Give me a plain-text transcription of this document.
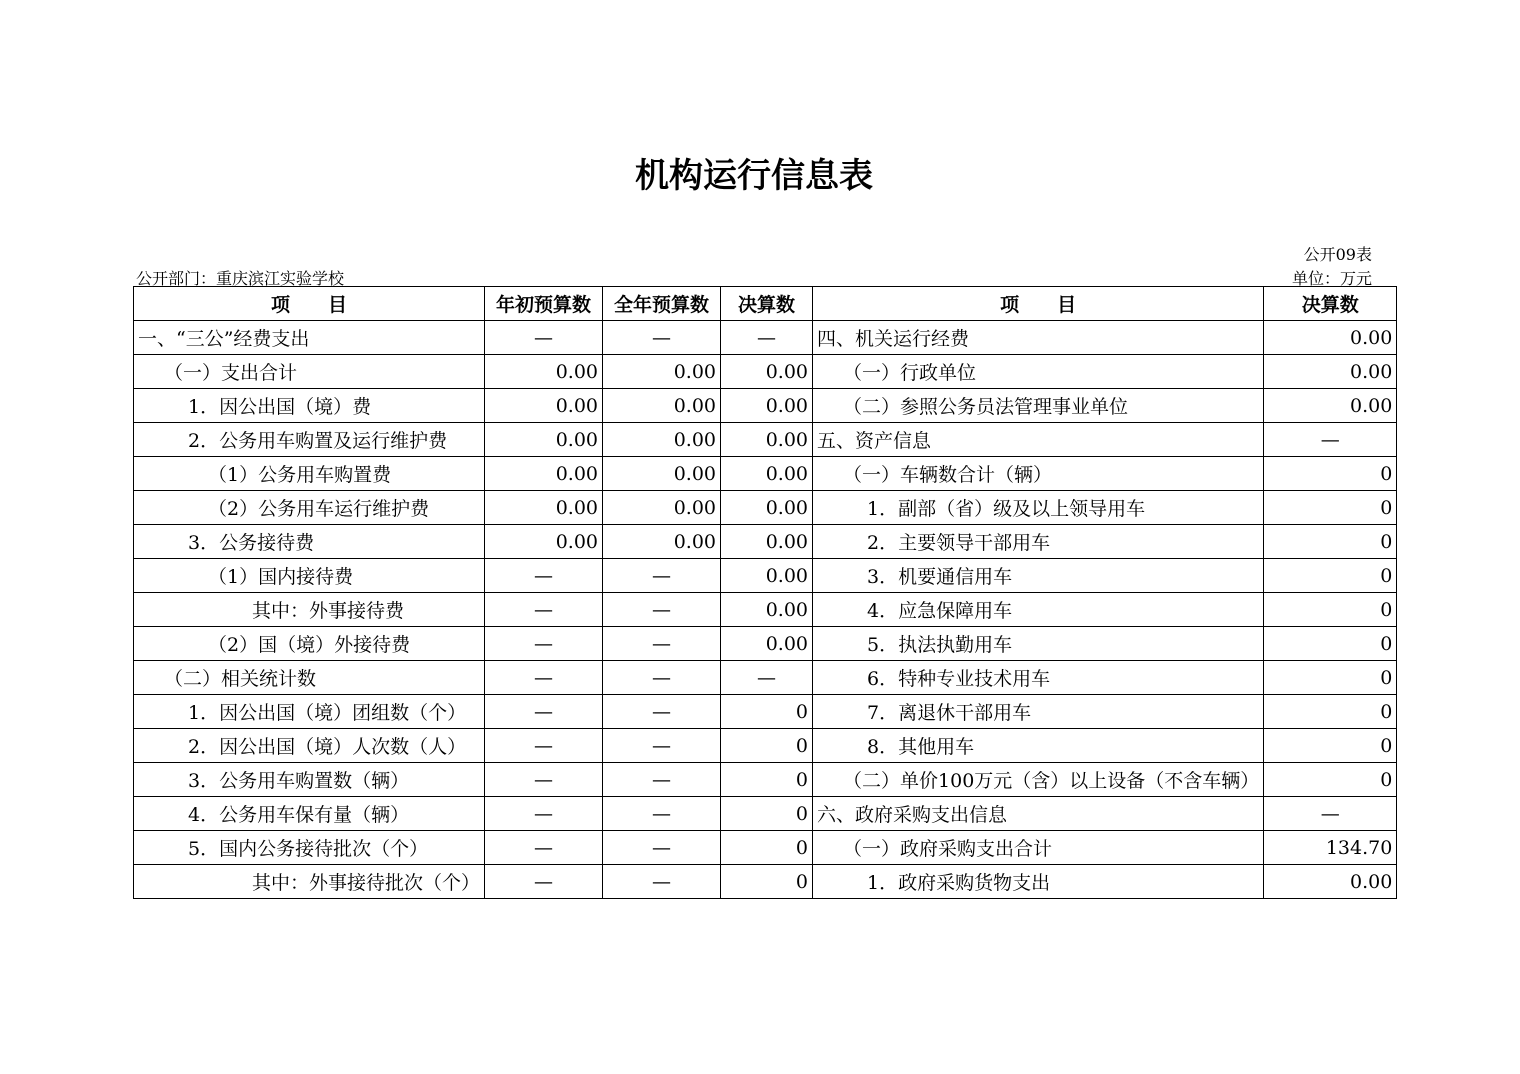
机构运行信息表
公开09表
公开部门：重庆滨江实验学校	单位：万元
项　　目	年初预算数	全年预算数	决算数	项　　目	决算数
一、“三公”经费支出	—	—	—	四、机关运行经费	0.00
（一）支出合计	0.00	0.00	0.00	（一）行政单位	0.00
1．因公出国（境）费	0.00	0.00	0.00	（二）参照公务员法管理事业单位	0.00
2．公务用车购置及运行维护费	0.00	0.00	0.00	五、资产信息	—
（1）公务用车购置费	0.00	0.00	0.00	（一）车辆数合计（辆）	0
（2）公务用车运行维护费	0.00	0.00	0.00	1．副部（省）级及以上领导用车	0
3．公务接待费	0.00	0.00	0.00	2．主要领导干部用车	0
（1）国内接待费	—	—	0.00	3．机要通信用车	0
其中：外事接待费	—	—	0.00	4．应急保障用车	0
（2）国（境）外接待费	—	—	0.00	5．执法执勤用车	0
（二）相关统计数	—	—	—	6．特种专业技术用车	0
1．因公出国（境）团组数（个）	—	—	0	7．离退休干部用车	0
2．因公出国（境）人次数（人）	—	—	0	8．其他用车	0
3．公务用车购置数（辆）	—	—	0	（二）单价100万元（含）以上设备（不含车辆）	0
4．公务用车保有量（辆）	—	—	0	六、政府采购支出信息	—
5．国内公务接待批次（个）	—	—	0	（一）政府采购支出合计	134.70
其中：外事接待批次（个）	—	—	0	1．政府采购货物支出	0.00
